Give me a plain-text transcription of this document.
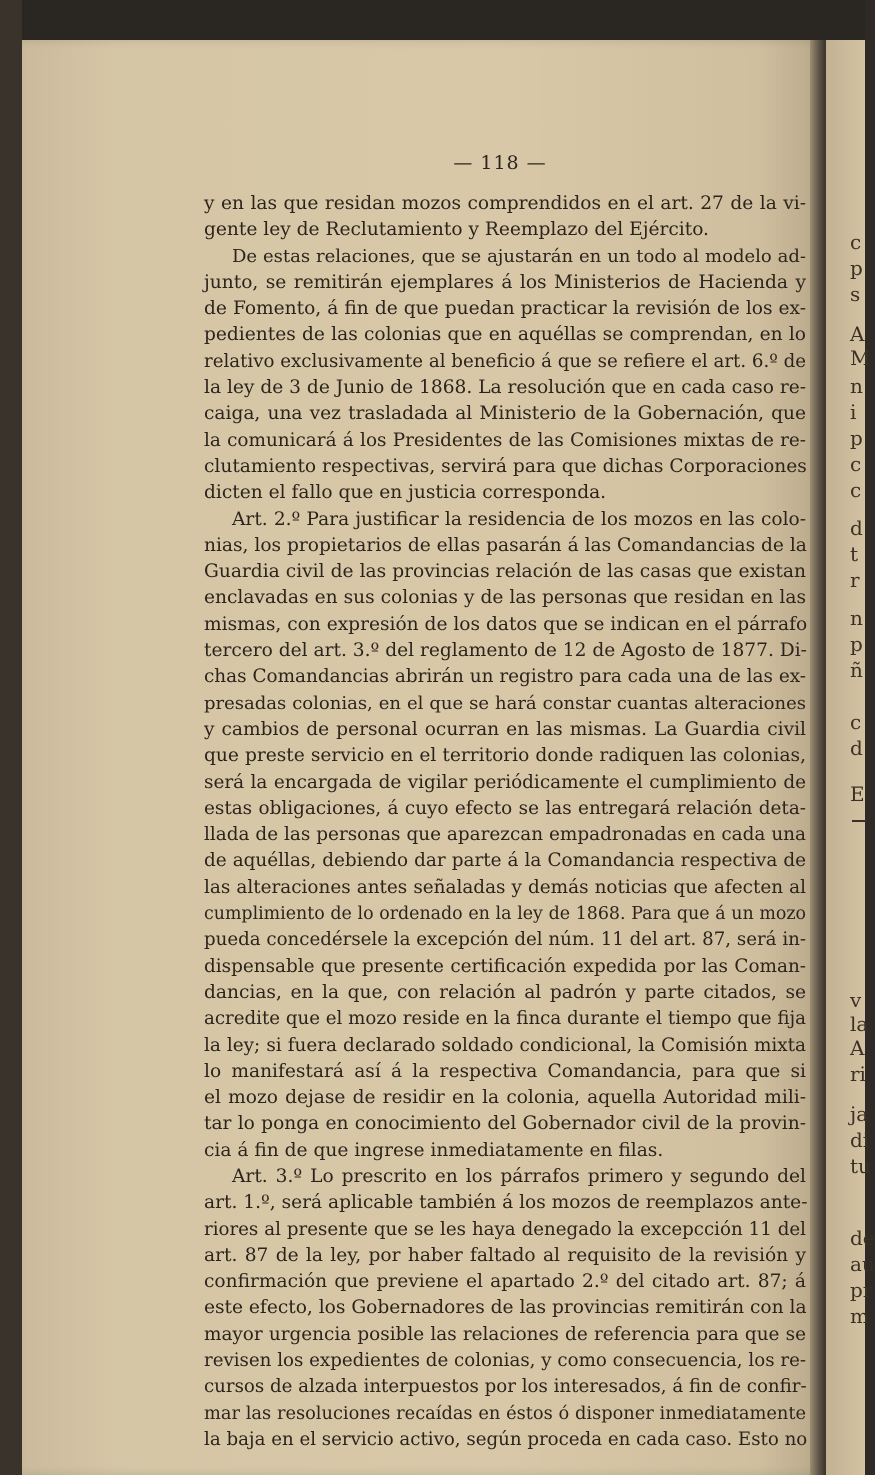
c
p
s
A
M
n
i
p
c
c
d
t
r
n
p
ñ
c
d
E
v
la
A
ri
ja
di
tu
de
au
pr
m
— 118 —
y en las que residan mozos comprendidos en el art. 27 de la vi-
gente ley de Reclutamiento y Reemplazo del Ejército.
De estas relaciones, que se ajustarán en un todo al modelo ad-
junto, se remitirán ejemplares á los Ministerios de Hacienda y
de Fomento, á fin de que puedan practicar la revisión de los ex-
pedientes de las colonias que en aquéllas se comprendan, en lo
relativo exclusivamente al beneficio á que se refiere el art. 6.º de
la ley de 3 de Junio de 1868. La resolución que en cada caso re-
caiga, una vez trasladada al Ministerio de la Gobernación, que
la comunicará á los Presidentes de las Comisiones mixtas de re-
clutamiento respectivas, servirá para que dichas Corporaciones
dicten el fallo que en justicia corresponda.
Art. 2.º Para justificar la residencia de los mozos en las colo-
nias, los propietarios de ellas pasarán á las Comandancias de la
Guardia civil de las provincias relación de las casas que existan
enclavadas en sus colonias y de las personas que residan en las
mismas, con expresión de los datos que se indican en el párrafo
tercero del art. 3.º del reglamento de 12 de Agosto de 1877. Di-
chas Comandancias abrirán un registro para cada una de las ex-
presadas colonias, en el que se hará constar cuantas alteraciones
y cambios de personal ocurran en las mismas. La Guardia civil
que preste servicio en el territorio donde radiquen las colonias,
será la encargada de vigilar periódicamente el cumplimiento de
estas obligaciones, á cuyo efecto se las entregará relación deta-
llada de las personas que aparezcan empadronadas en cada una
de aquéllas, debiendo dar parte á la Comandancia respectiva de
las alteraciones antes señaladas y demás noticias que afecten al
cumplimiento de lo ordenado en la ley de 1868. Para que á un mozo
pueda concedérsele la excepción del núm. 11 del art. 87, será in-
dispensable que presente certificación expedida por las Coman-
dancias, en la que, con relación al padrón y parte citados, se
acredite que el mozo reside en la finca durante el tiempo que fija
la ley; si fuera declarado soldado condicional, la Comisión mixta
lo manifestará así á la respectiva Comandancia, para que si
el mozo dejase de residir en la colonia, aquella Autoridad mili-
tar lo ponga en conocimiento del Gobernador civil de la provin-
cia á fin de que ingrese inmediatamente en filas.
Art. 3.º Lo prescrito en los párrafos primero y segundo del
art. 1.º, será aplicable también á los mozos de reemplazos ante-
riores al presente que se les haya denegado la excepcción 11 del
art. 87 de la ley, por haber faltado al requisito de la revisión y
confirmación que previene el apartado 2.º del citado art. 87; á
este efecto, los Gobernadores de las provincias remitirán con la
mayor urgencia posible las relaciones de referencia para que se
revisen los expedientes de colonias, y como consecuencia, los re-
cursos de alzada interpuestos por los interesados, á fin de confir-
mar las resoluciones recaídas en éstos ó disponer inmediatamente
la baja en el servicio activo, según proceda en cada caso. Esto no
